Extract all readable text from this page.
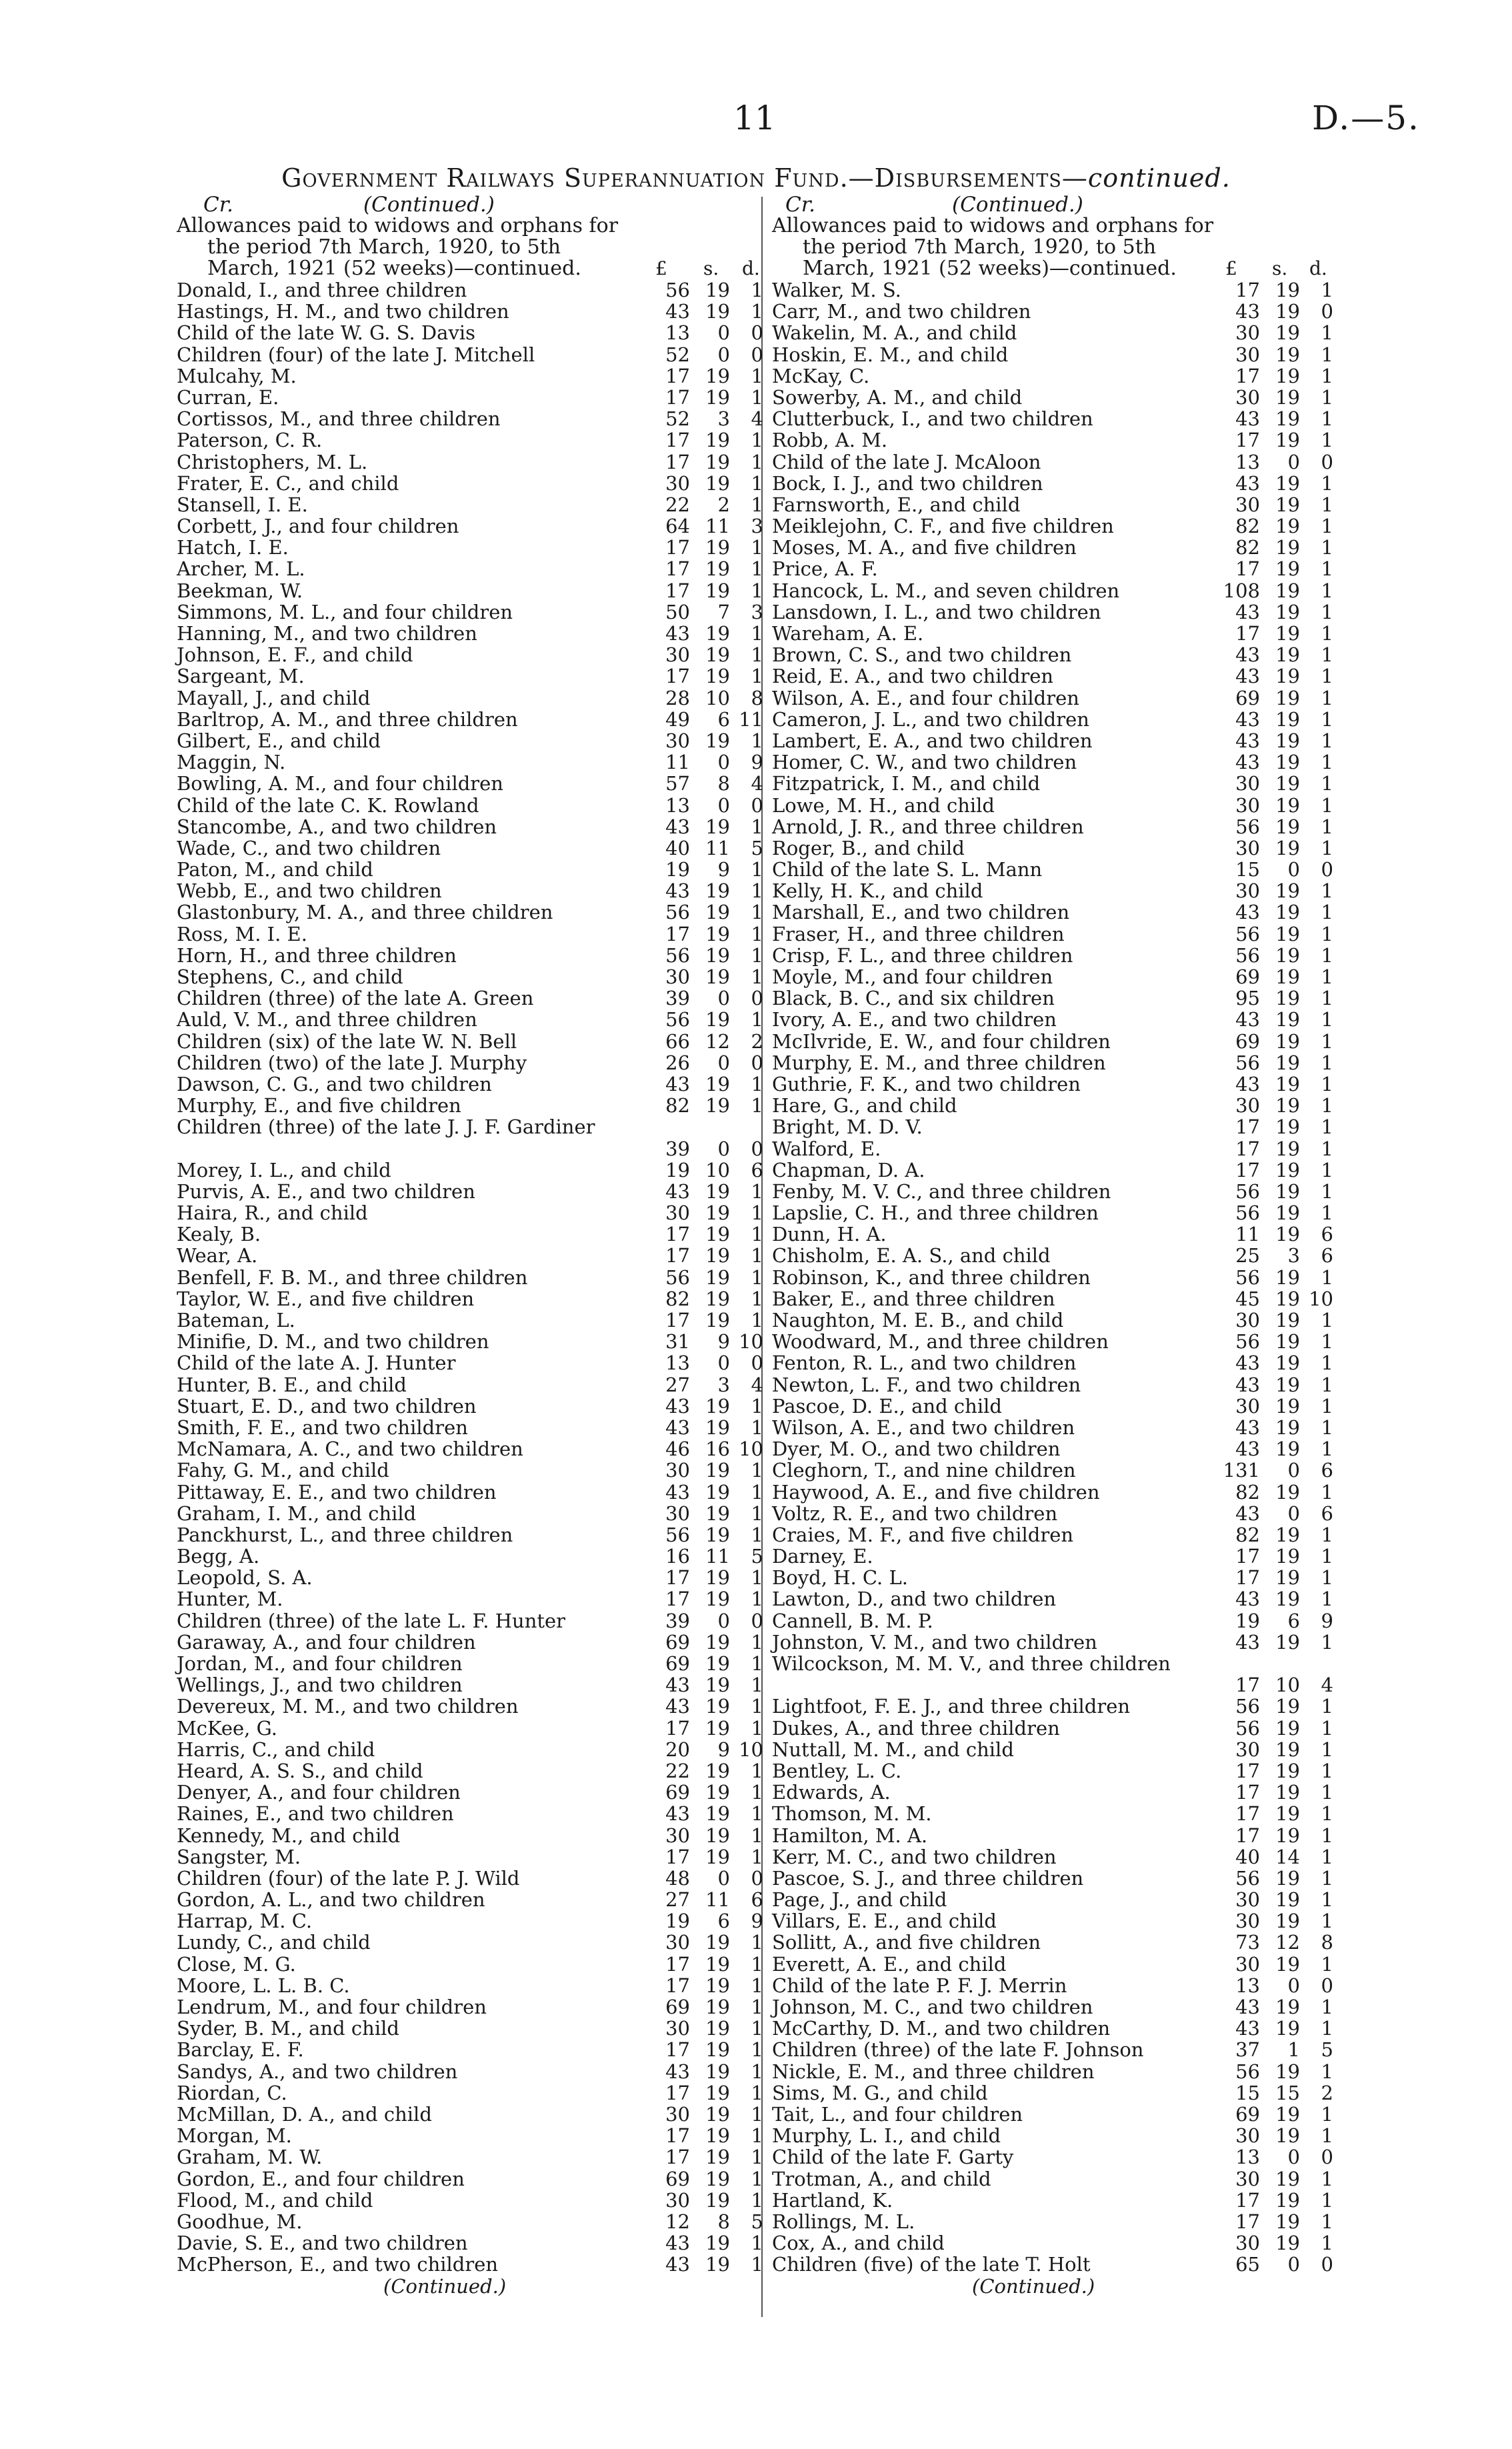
11	D.—5.
Government Railways Superannuation Fund.—Disbursements—continued.
Cr.	(Continued.)
Allowances paid to widows and orphans for
the period 7th March, 1920, to 5th
March, 1921 (52 weeks)—continued.	£ s. d.
Donald, I., and three children	56 19	1
Hastings, H. M., and two children	43 19	1
Child of the late W. G. S. Davis	13	0	0
Children (four) of the late J. Mitchell	52	0	0
Mulcahy, M.	17 19	1
Curran, E.	17 19	1
Cortissos, M., and three children	52	3	4
Paterson, C. R.	17 19	1
Christophers, M. L.	17 19	1
Frater, E. C., and child	30 19	1
Stansell, I. E.	22	2	1
Corbett, J., and four children	64 11	3
Hatch, I. E.	17 19	1
Archer, M. L.	17 19	1
Beekman, W.	17 19	1
Simmons, M. L., and four children	50	7	3
Hanning, M., and two children	43 19	1
Johnson, E. F., and child	30 19	1
Sargeant, M.	17 19	1
Mayall, J., and child	28 10	8
Barltrop, A. M., and three children	49	6 11
Gilbert, E., and child	30 19	1
Maggin, N.	11	0	9
Bowling, A. M., and four children	57	8	4
Child of the late C. K. Rowland	13	0	0
Stancombe, A., and two children	43 19	1
Wade, C., and two children	40 11	5
Paton, M., and child	19	9	1
Webb, E., and two children	43 19	1
Glastonbury, M. A., and three children	56 19	1
Ross, M. I. E.	17 19	1
Horn, H., and three children	56 19	1
Stephens, C., and child	30 19	1
Children (three) of the late A. Green	39	0	0
Auld, V. M., and three children	56 19	1
Children (six) of the late W. N. Bell	66 12	2
Children (two) of the late J. Murphy	26	0	0
Dawson, C. G., and two children	43 19	1
Murphy, E., and five children	82 19	1
Children (three) of the late J. J. F. Gardiner
39	0	0
Morey, I. L., and child	19 10	6
Purvis, A. E., and two children	43 19	1
Haira, R., and child	30 19	1
Kealy, B.	17 19	1
Wear, A.	17 19	1
Benfell, F. B. M., and three children	56 19	1
Taylor, W. E., and five children	82 19	1
Bateman, L.	17 19	1
Minifie, D. M., and two children	31	9 10
Child of the late A. J. Hunter	13	0	0
Hunter, B. E., and child	27	3	4
Stuart, E. D., and two children	43 19	1
Smith, F. E., and two children	43 19	1
McNamara, A. C., and two children	46 16 10
Fahy, G. M., and child	30 19	1
Pittaway, E. E., and two children	43 19	1
Graham, I. M., and child	30 19	1
Panckhurst, L., and three children	56 19	1
Begg, A.	16 11	5
Leopold, S. A.	17 19	1
Hunter, M.	17 19	1
Children (three) of the late L. F. Hunter	39	0	0
Garaway, A., and four children	69 19	1
Jordan, M., and four children	69 19	1
Wellings, J., and two children	43 19	1
Devereux, M. M., and two children	43 19	1
McKee, G.	17 19	1
Harris, C., and child	20	9 10
Heard, A. S. S., and child	22 19	1
Denyer, A., and four children	69 19	1
Raines, E., and two children	43 19	1
Kennedy, M., and child	30 19	1
Sangster, M.	17 19	1
Children (four) of the late P. J. Wild	48	0	0
Gordon, A. L., and two children	27 11	6
Harrap, M. C.	19	6	9
Lundy, C., and child	30 19	1
Close, M. G.	17 19	1
Moore, L. L. B. C.	17 19	1
Lendrum, M., and four children	69 19	1
Syder, B. M., and child	30 19	1
Barclay, E. F.	17 19	1
Sandys, A., and two children	43 19	1
Riordan, C.	17 19	1
McMillan, D. A., and child	30 19	1
Morgan, M.	17 19	1
Graham, M. W.	17 19	1
Gordon, E., and four children	69 19	1
Flood, M., and child	30 19	1
Goodhue, M.	12	8	5
Davie, S. E., and two children	43 19	1
McPherson, E., and two children	43 19	1
(Continued.)
Cr.	(Continued.)
Allowances paid to widows and orphans for
the period 7th March, 1920, to 5th
March, 1921 (52 weeks)—continued.	£ s. d.
Walker, M. S.	17 19	1
Carr, M., and two children	43 19	0
Wakelin, M. A., and child	30 19	1
Hoskin, E. M., and child	30 19	1
McKay, C.	17 19	1
Sowerby, A. M., and child	30 19	1
Clutterbuck, I., and two children	43 19	1
Robb, A. M.	17 19	1
Child of the late J. McAloon	13	0	0
Bock, I. J., and two children	43 19	1
Farnsworth, E., and child	30 19	1
Meiklejohn, C. F., and five children	82 19	1
Moses, M. A., and five children	82 19	1
Price, A. F.	17 19	1
Hancock, L. M., and seven children	108 19	1
Lansdown, I. L., and two children	43 19	1
Wareham, A. E.	17 19	1
Brown, C. S., and two children	43 19	1
Reid, E. A., and two children	43 19	1
Wilson, A. E., and four children	69 19	1
Cameron, J. L., and two children	43 19	1
Lambert, E. A., and two children	43 19	1
Homer, C. W., and two children	43 19	1
Fitzpatrick, I. M., and child	30 19	1
Lowe, M. H., and child	30 19	1
Arnold, J. R., and three children	56 19	1
Roger, B., and child	30 19	1
Child of the late S. L. Mann	15	0	0
Kelly, H. K., and child	30 19	1
Marshall, E., and two children	43 19	1
Fraser, H., and three children	56 19	1
Crisp, F. L., and three children	56 19	1
Moyle, M., and four children	69 19	1
Black, B. C., and six children	95 19	1
Ivory, A. E., and two children	43 19	1
McIlvride, E. W., and four children	69 19	1
Murphy, E. M., and three children	56 19	1
Guthrie, F. K., and two children	43 19	1
Hare, G., and child	30 19	1
Bright, M. D. V.	17 19	1
Walford, E.	17 19	1
Chapman, D. A.	17 19	1
Fenby, M. V. C., and three children	56 19	1
Lapslie, C. H., and three children	56 19	1
Dunn, H. A.	11 19	6
Chisholm, E. A. S., and child	25	3	6
Robinson, K., and three children	56 19	1
Baker, E., and three children	45 19 10
Naughton, M. E. B., and child	30 19	1
Woodward, M., and three children	56 19	1
Fenton, R. L., and two children	43 19	1
Newton, L. F., and two children	43 19	1
Pascoe, D. E., and child	30 19	1
Wilson, A. E., and two children	43 19	1
Dyer, M. O., and two children	43 19	1
Cleghorn, T., and nine children	131	0	6
Haywood, A. E., and five children	82 19	1
Voltz, R. E., and two children	43	0	6
Craies, M. F., and five children	82 19	1
Darney, E.	17 19	1
Boyd, H. C. L.	17 19	1
Lawton, D., and two children	43 19	1
Cannell, B. M. P.	19	6	9
Johnston, V. M., and two children	43 19	1
Wilcockson, M. M. V., and three children
17 10	4
Lightfoot, F. E. J., and three children	56 19	1
Dukes, A., and three children	56 19	1
Nuttall, M. M., and child	30 19	1
Bentley, L. C.	17 19	1
Edwards, A.	17 19	1
Thomson, M. M.	17 19	1
Hamilton, M. A.	17 19	1
Kerr, M. C., and two children	40 14	1
Pascoe, S. J., and three children	56 19	1
Page, J., and child	30 19	1
Villars, E. E., and child	30 19	1
Sollitt, A., and five children	73 12	8
Everett, A. E., and child	30 19	1
Child of the late P. F. J. Merrin	13	0	0
Johnson, M. C., and two children	43 19	1
McCarthy, D. M., and two children	43 19	1
Children (three) of the late F. Johnson	37	1	5
Nickle, E. M., and three children	56 19	1
Sims, M. G., and child	15 15	2
Tait, L., and four children	69 19	1
Murphy, L. I., and child	30 19	1
Child of the late F. Garty	13	0	0
Trotman, A., and child	30 19	1
Hartland, K.	17 19	1
Rollings, M. L.	17 19	1
Cox, A., and child	30 19	1
Children (five) of the late T. Holt	65	0	0
(Continued.)
